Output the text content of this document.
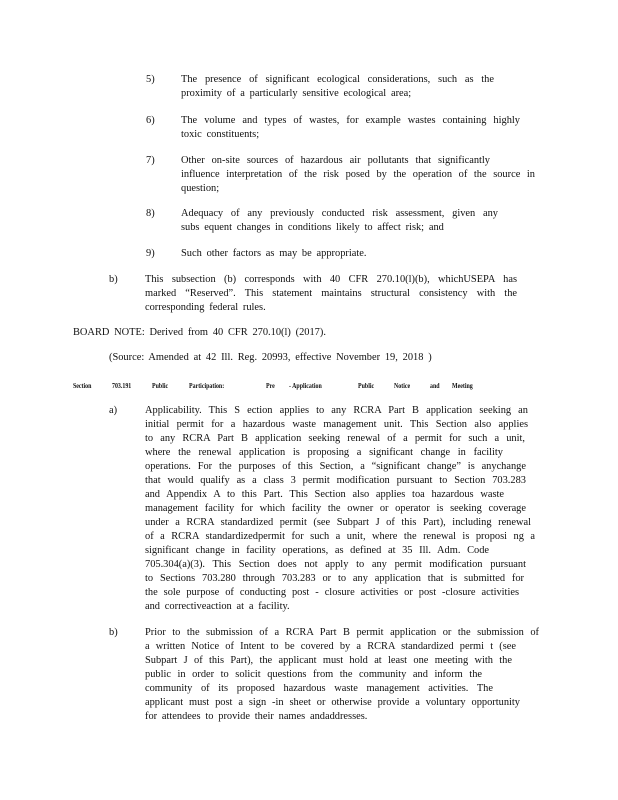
5)	The presence of significant ecological considerations, such as the
proximity of a particularly sensitive ecological area;
6)	The volume and types of wastes, for example wastes containing highly
toxic constituents;
7)	Other on-site sources of hazardous air pollutants that significantly
influence interpretation of the risk posed by the operation of the source in
question;
8)	Adequacy of any previously conducted risk assessment, given any
subs equent changes in conditions likely to affect risk; and
9)	Such other factors as may be appropriate.
b)	This subsection (b) corresponds with 40 CFR 270.10(l)(b), whichUSEPA has
marked “Reserved”. This statement maintains structural consistency with the
corresponding federal rules.
BOARD NOTE: Derived from 40 CFR 270.10(l) (2017).
(Source: Amended at 42 Ill. Reg. 20993, effective November 19, 2018 )
Section	703.191	Public	Participation:	Pre - Application	Public	Notice	and Meeting
a)	Applicability. This S ection applies to any RCRA Part B application seeking an
initial permit for a hazardous waste management unit. This Section also applies
to any RCRA Part B application seeking renewal of a permit for such a unit,
where the renewal application is proposing a significant change in facility
operations. For the purposes of this Section, a “significant change” is anychange
that would qualify as a class 3 permit modification pursuant to Section 703.283
and Appendix A to this Part. This Section also applies toa hazardous waste
management facility for which facility the owner or operator is seeking coverage
under a RCRA standardized permit (see Subpart J of this Part), including renewal
of a RCRA standardizedpermit for such a unit, where the renewal is proposi ng a
significant change in facility operations, as defined at 35 Ill. Adm. Code
705.304(a)(3). This Section does not apply to any permit modification pursuant
to Sections 703.280 through 703.283 or to any application that is submitted for
the sole purpose of conducting post - closure activities or post -closure activities
and correctiveaction at a facility.
b)	Prior to the submission of a RCRA Part B permit application or the submission of
a written Notice of Intent to be covered by a RCRA standardized permi t (see
Subpart J of this Part), the applicant must hold at least one meeting with the
public in order to solicit questions from the community and inform the
community of its proposed hazardous waste management activities. The
applicant must post a sign -in sheet or otherwise provide a voluntary opportunity
for attendees to provide their names andaddresses.
